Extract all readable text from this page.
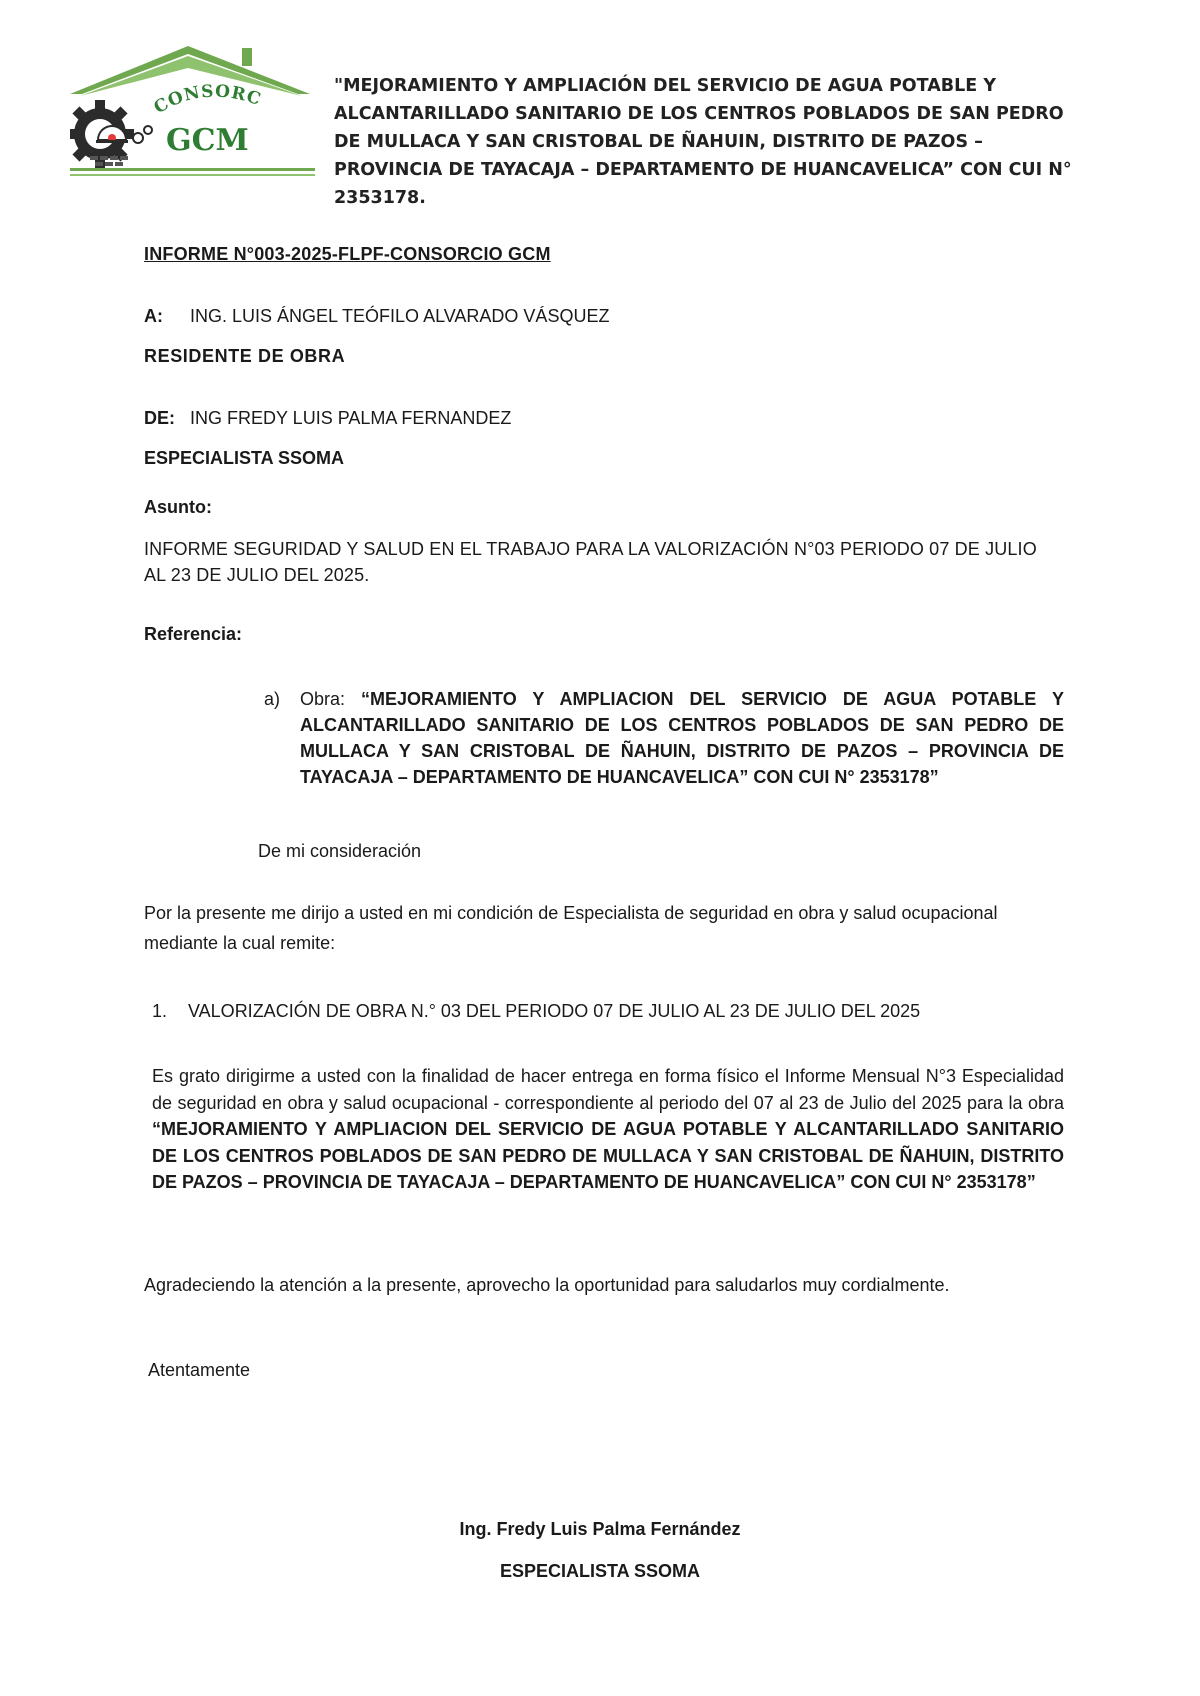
CONSORC
GCM
"MEJORAMIENTO Y AMPLIACIÓN DEL SERVICIO DE AGUA POTABLE Y ALCANTARILLADO SANITARIO DE LOS CENTROS POBLADOS DE SAN PEDRO DE MULLACA Y SAN CRISTOBAL DE ÑAHUIN, DISTRITO DE PAZOS – PROVINCIA DE TAYACAJA – DEPARTAMENTO DE HUANCAVELICA” CON CUI N° 2353178.
INFORME N°003-2025-FLPF-CONSORCIO GCM
A: ING. LUIS ÁNGEL TEÓFILO ALVARADO VÁSQUEZ
RESIDENTE DE OBRA
DE: ING FREDY LUIS PALMA FERNANDEZ
ESPECIALISTA SSOMA
Asunto:
INFORME SEGURIDAD Y SALUD EN EL TRABAJO PARA LA VALORIZACIÓN N°03 PERIODO 07 DE JULIO AL 23 DE JULIO DEL 2025.
Referencia:
a) Obra: “MEJORAMIENTO Y AMPLIACION DEL SERVICIO DE AGUA POTABLE Y ALCANTARILLADO SANITARIO DE LOS CENTROS POBLADOS DE SAN PEDRO DE MULLACA Y SAN CRISTOBAL DE ÑAHUIN, DISTRITO DE PAZOS – PROVINCIA DE TAYACAJA – DEPARTAMENTO DE HUANCAVELICA” CON CUI N° 2353178”
De mi consideración
Por la presente me dirijo a usted en mi condición de Especialista de seguridad en obra y salud ocupacional mediante la cual remite:
1. VALORIZACIÓN DE OBRA N.° 03 DEL PERIODO 07 DE JULIO AL 23 DE JULIO DEL 2025
Es grato dirigirme a usted con la finalidad de hacer entrega en forma físico el Informe Mensual N°3 Especialidad de seguridad en obra y salud ocupacional - correspondiente al periodo del 07 al 23 de Julio del 2025 para la obra “MEJORAMIENTO Y AMPLIACION DEL SERVICIO DE AGUA POTABLE Y ALCANTARILLADO SANITARIO DE LOS CENTROS POBLADOS DE SAN PEDRO DE MULLACA Y SAN CRISTOBAL DE ÑAHUIN, DISTRITO DE PAZOS – PROVINCIA DE TAYACAJA – DEPARTAMENTO DE HUANCAVELICA” CON CUI N° 2353178”
Agradeciendo la atención a la presente, aprovecho la oportunidad para saludarlos muy cordialmente.
Atentamente
Ing. Fredy Luis Palma Fernández
ESPECIALISTA SSOMA
